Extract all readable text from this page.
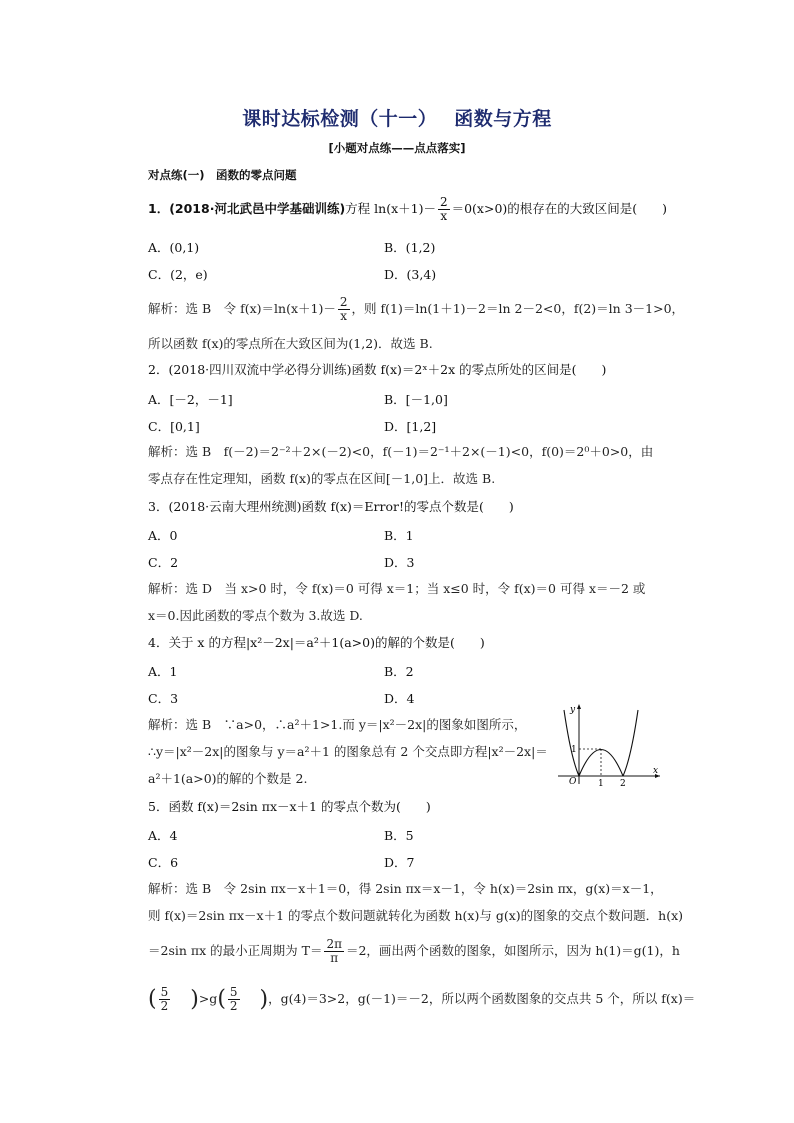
课时达标检测（十一）　 函数与方程
[小题对点练——点点落实]
对点练(一)　函数的零点问题
1．(2018·河北武邑中学基础训练)方程 $\ln(x+1)- \frac{2}{x} =0(x>0)$的根存在的大致区间是(　　)
A．(0,1)	B．(1,2)
C．(2，e)	D．(3,4)
解析：选 B　令 $f(x)=\ln(x+1)- \frac{2}{x}$ ，则 f(1)＝ln(1＋1)－2＝ln 2－2<0，f(2)＝ln 3－1>0，
所以函数 f(x)的零点所在大致区间为(1,2)．故选 B.
2．(2018·四川双流中学必得分训练)函数 f(x)＝2ˣ＋2x 的零点所处的区间是(　　)
A．[－2，－1]	B．[－1,0]
C．[0,1]	D．[1,2]
解析：选 B　f(－2)＝2⁻²＋2×(－2)<0，f(－1)＝2⁻¹＋2×(－1)<0，f(0)＝2⁰＋0>0，由
零点存在性定理知，函数 f(x)的零点在区间[－1,0]上．故选 B.
3．(2018·云南大理州统测)函数 f(x)＝Error!的零点个数是(　　)
A．0	B．1
C．2	D．3
解析：选 D　当 x>0 时，令 f(x)＝0 可得 x＝1；当 x≤0 时，令 f(x)＝0 可得 x＝－2 或
x＝0.因此函数的零点个数为 3.故选 D.
4．关于 x 的方程|x²－2x|＝a²＋1(a>0)的解的个数是(　　)
A．1	B．2
C．3	D．4
解析：选 B　∵a>0，∴a²＋1>1.而 y＝|x²－2x|的图象如图所示，
∴y＝|x²－2x|的图象与 y＝a²＋1 的图象总有 2 个交点即方程|x²－2x|＝
a²＋1(a>0)的解的个数是 2.
y
x
O 1 2
1
5．函数 f(x)＝2sin πx－x＋1 的零点个数为(　　)
A．4	B．5
C．6	D．7
解析：选 B　令 2sin πx－x＋1＝0，得 2sin πx＝x－1，令 h(x)＝2sin πx，g(x)＝x－1，
则 f(x)＝2sin πx－x＋1 的零点个数问题就转化为函数 h(x)与 g(x)的图象的交点个数问题．h(x)
＝2sin πx 的最小正周期为 $T= \frac{2\pi}{\pi} =2$，画出两个函数的图象，如图所示，因为 h(1)＝g(1)，h
( $\frac{5}{2} )>g( \frac{5}{2}$ )，g(4)＝3>2，g(－1)＝－2，所以两个函数图象的交点共 5 个，所以 f(x)＝
